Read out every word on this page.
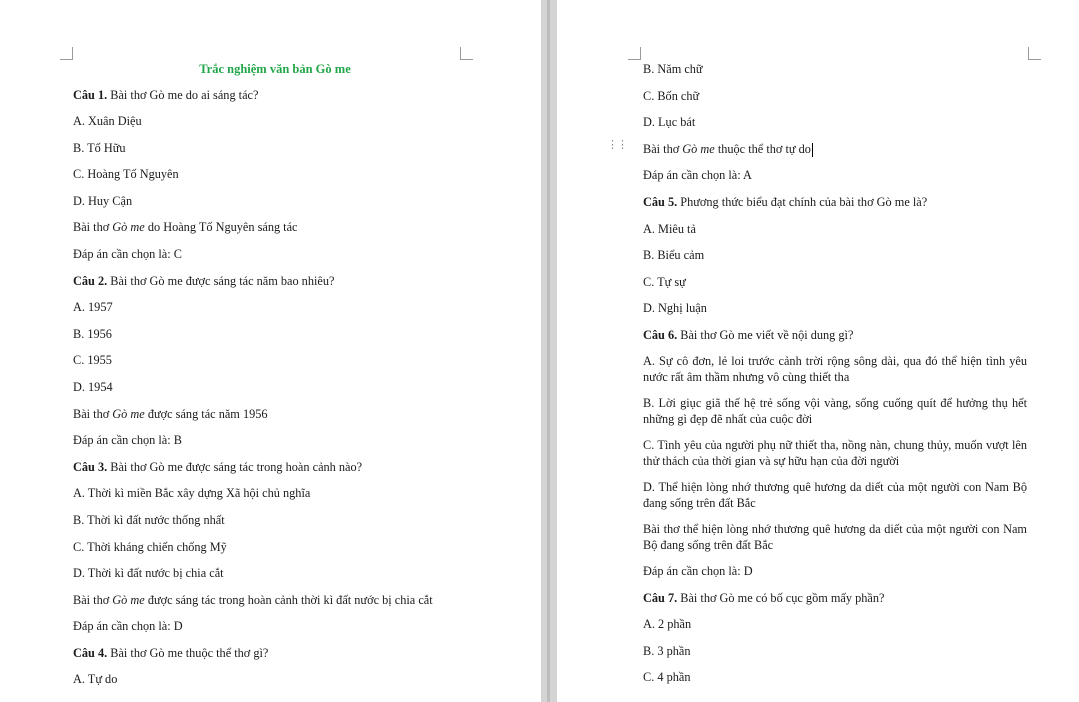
Trắc nghiệm văn bản Gò me

Câu 1. Bài thơ Gò me do ai sáng tác?

A. Xuân Diệu

B. Tố Hữu

C. Hoàng Tố Nguyên

D. Huy Cận

Bài thơ Gò me do Hoàng Tố Nguyên sáng tác

Đáp án cần chọn là: C

Câu 2. Bài thơ Gò me được sáng tác năm bao nhiêu?

A. 1957

B. 1956

C. 1955

D. 1954

Bài thơ Gò me được sáng tác năm 1956

Đáp án cần chọn là: B

Câu 3. Bài thơ Gò me được sáng tác trong hoàn cảnh nào?

A. Thời kì miền Bắc xây dựng Xã hội chủ nghĩa

B. Thời kì đất nước thống nhất

C. Thời kháng chiến chống Mỹ

D. Thời kì đất nước bị chia cắt

Bài thơ Gò me được sáng tác trong hoàn cảnh thời kì đất nước bị chia cắt

Đáp án cần chọn là: D

Câu 4. Bài thơ Gò me thuộc thể thơ gì?

A. Tự do

⋮⋮

B. Năm chữ

C. Bốn chữ

D. Lục bát

Bài thơ Gò me thuộc thể thơ tự do

Đáp án cần chọn là: A

Câu 5. Phương thức biểu đạt chính của bài thơ Gò me là?

A. Miêu tả

B. Biểu cảm

C. Tự sự

D. Nghị luận

Câu 6. Bài thơ Gò me viết về nội dung gì?

A. Sự cô đơn, lẻ loi trước cảnh trời rộng sông dài, qua đó thể hiện tình yêu nước rất âm thầm nhưng vô cùng thiết tha

B. Lời giục giã thế hệ trẻ sống vội vàng, sống cuống quít để hưởng thụ hết những gì đẹp đẽ nhất của cuộc đời

C. Tình yêu của người phụ nữ thiết tha, nồng nàn, chung thủy, muốn vượt lên thử thách của thời gian và sự hữu hạn của đời người

D. Thể hiện lòng nhớ thương quê hương da diết của một người con Nam Bộ đang sống trên đất Bắc

Bài thơ thể hiện lòng nhớ thương quê hương da diết của một người con Nam Bộ đang sống trên đất Bắc

Đáp án cần chọn là: D

Câu 7. Bài thơ Gò me có bố cục gồm mấy phần?

A. 2 phần

B. 3 phần

C. 4 phần
